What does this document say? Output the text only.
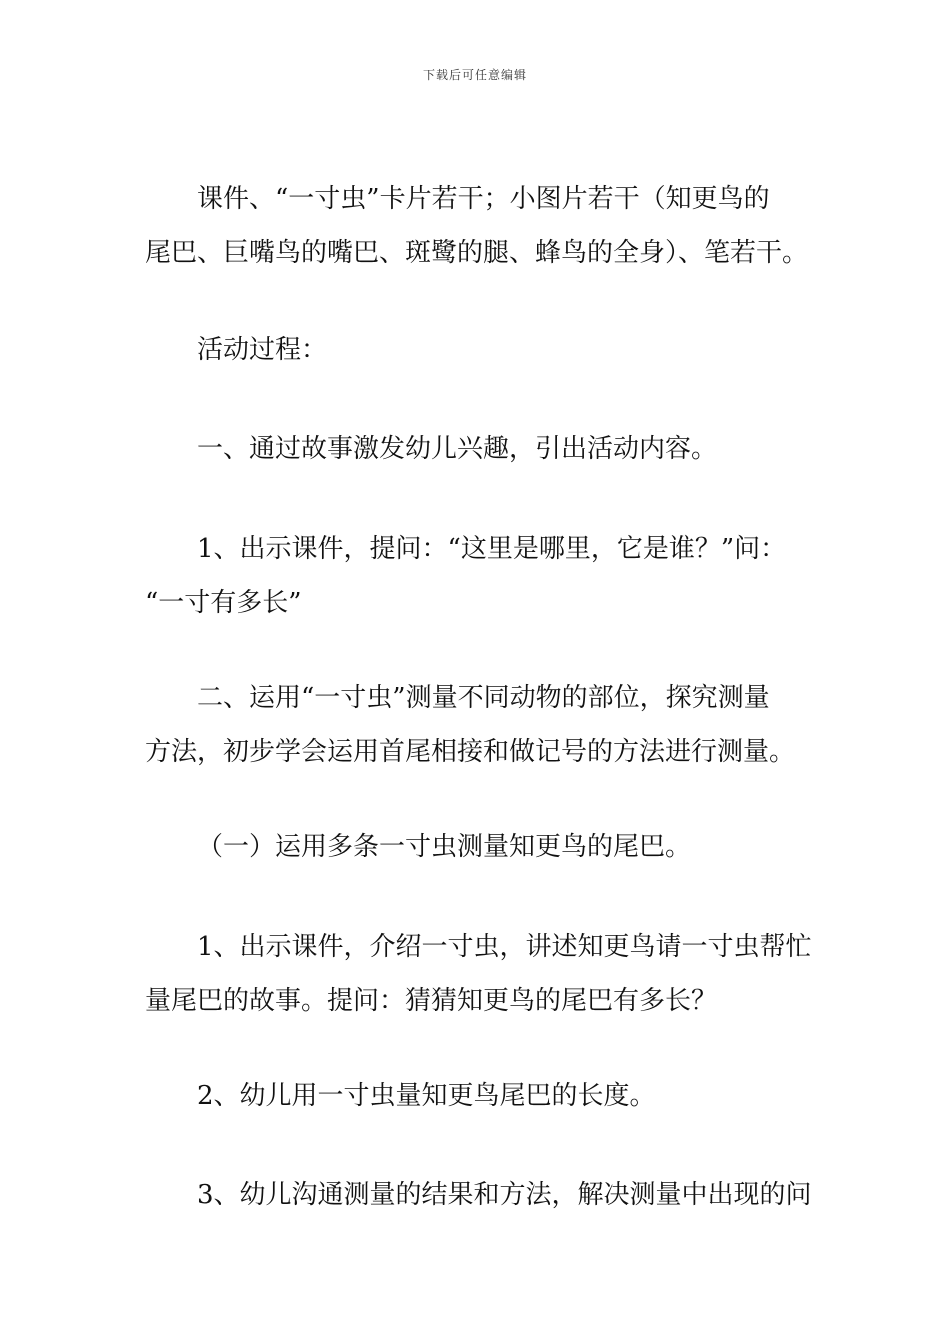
下载后可任意编辑
课件、“一寸虫”卡片若干；小图片若干（知更鸟的
尾巴、巨嘴鸟的嘴巴、斑鹭的腿、蜂鸟的全身）、笔若干。
活动过程：
一、通过故事激发幼儿兴趣，引出活动内容。
1、出示课件，提问：“这里是哪里，它是谁？”问：
“一寸有多长”
二、运用“一寸虫”测量不同动物的部位，探究测量
方法，初步学会运用首尾相接和做记号的方法进行测量。
（一）运用多条一寸虫测量知更鸟的尾巴。
1、出示课件，介绍一寸虫，讲述知更鸟请一寸虫帮忙
量尾巴的故事。提问：猜猜知更鸟的尾巴有多长？
2、幼儿用一寸虫量知更鸟尾巴的长度。
3、幼儿沟通测量的结果和方法，解决测量中出现的问
